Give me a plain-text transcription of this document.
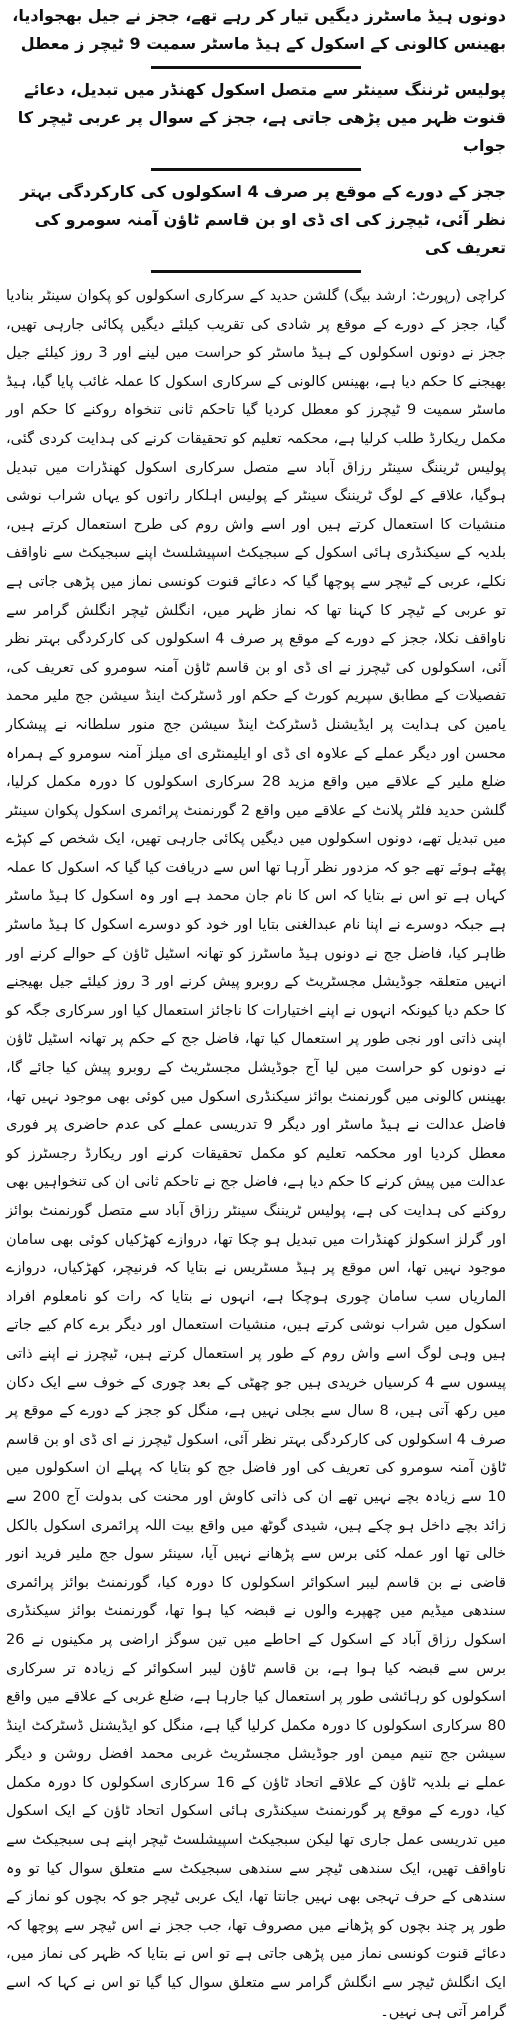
دونوں ہیڈ ماسٹرز دیگیں تیار کر رہے تھے، ججز نے جیل بھجوادیا، بھینس کالونی کے اسکول کے ہیڈ ماسٹر سمیت 9 ٹیچر ز معطل
پولیس ٹرننگ سینٹر سے متصل اسکول کھنڈر میں تبدیل، دعائے قنوت ظہر میں پڑھی جاتی ہے، ججز کے سوال پر عربی ٹیچر کا جواب
ججز کے دورے کے موقع پر صرف 4 اسکولوں کی کارکردگی بہتر نظر آئی، ٹیچرز کی ای ڈی او بن قاسم ٹاؤن آمنہ سومرو کی تعریف کی

کراچی (رپورٹ: ارشد بیگ) گلشن حدید کے سرکاری اسکولوں کو پکوان سینٹر بنادیا گیا، ججز کے دورے کے موقع پر شادی کی تقریب کیلئے دیگیں پکائی جارہی تھیں، ججز نے دونوں اسکولوں کے ہیڈ ماسٹر کو حراست میں لینے اور 3 روز کیلئے جیل بھیجنے کا حکم دیا ہے، بھینس کالونی کے سرکاری اسکول کا عملہ غائب پایا گیا، ہیڈ ماسٹر سمیت 9 ٹیچرز کو معطل کردیا گیا تاحکم ثانی تنخواہ روکنے کا حکم اور مکمل ریکارڈ طلب کرلیا ہے، محکمہ تعلیم کو تحقیقات کرنے کی ہدایت کردی گئی، پولیس ٹریننگ سینٹر رزاق آباد سے متصل سرکاری اسکول کھنڈرات میں تبدیل ہوگیا، علاقے کے لوگ ٹریننگ سینٹر کے پولیس اہلکار راتوں کو یہاں شراب نوشی منشیات کا استعمال کرتے ہیں اور اسے واش روم کی طرح استعمال کرتے ہیں، بلدیہ کے سیکنڈری ہائی اسکول کے سبجیکٹ اسپیشلسٹ اپنے سبجیکٹ سے ناواقف نکلے، عربی کے ٹیچر سے پوچھا گیا کہ دعائے قنوت کونسی نماز میں پڑھی جاتی ہے تو عربی کے ٹیچر کا کہنا تھا کہ نماز ظہر میں، انگلش ٹیچر انگلش گرامر سے ناواقف نکلا، ججز کے دورے کے موقع پر صرف 4 اسکولوں کی کارکردگی بہتر نظر آئی، اسکولوں کی ٹیچرز نے ای ڈی او بن قاسم ٹاؤن آمنہ سومرو کی تعریف کی، تفصیلات کے مطابق سپریم کورٹ کے حکم اور ڈسٹرکٹ اینڈ سیشن جج ملیر محمد یامین کی ہدایت پر ایڈیشنل ڈسٹرکٹ اینڈ سیشن جج منور سلطانہ نے پیشکار محسن اور دیگر عملے کے علاوہ ای ڈی او ایلیمنٹری ای میلز آمنہ سومرو کے ہمراہ ضلع ملیر کے علاقے میں واقع مزید 28 سرکاری اسکولوں کا دورہ مکمل کرلیا، گلشن حدید فلٹر پلانٹ کے علاقے میں واقع 2 گورنمنٹ پرائمری اسکول پکوان سینٹر میں تبدیل تھے، دونوں اسکولوں میں دیگیں پکائی جارہی تھیں، ایک شخص کے کپڑے پھٹے ہوئے تھے جو کہ مزدور نظر آرہا تھا اس سے دریافت کیا گیا کہ اسکول کا عملہ کہاں ہے تو اس نے بتایا کہ اس کا نام جان محمد ہے اور وہ اسکول کا ہیڈ ماسٹر ہے جبکہ دوسرے نے اپنا نام عبدالغنی بتایا اور خود کو دوسرے اسکول کا ہیڈ ماسٹر ظاہر کیا، فاضل جج نے دونوں ہیڈ ماسٹرز کو تھانہ اسٹیل ٹاؤن کے حوالے کرنے اور انہیں متعلقہ جوڈیشل مجسٹریٹ کے روبرو پیش کرنے اور 3 روز کیلئے جیل بھیجنے کا حکم دیا کیونکہ انہوں نے اپنے اختیارات کا ناجائز استعمال کیا اور سرکاری جگہ کو اپنی ذاتی اور نجی طور پر استعمال کیا تھا، فاضل جج کے حکم پر تھانہ اسٹیل ٹاؤن نے دونوں کو حراست میں لیا آج جوڈیشل مجسٹریٹ کے روبرو پیش کیا جائے گا، بھینس کالونی میں گورنمنٹ بوائز سیکنڈری اسکول میں کوئی بھی موجود نہیں تھا، فاضل عدالت نے ہیڈ ماسٹر اور دیگر 9 تدریسی عملے کی عدم حاضری پر فوری معطل کردیا اور محکمہ تعلیم کو مکمل تحقیقات کرنے اور ریکارڈ رجسٹرز کو عدالت میں پیش کرنے کا حکم دیا ہے، فاضل جج نے تاحکم ثانی ان کی تنخواہیں بھی روکنے کی ہدایت کی ہے، پولیس ٹریننگ سینٹر رزاق آباد سے متصل گورنمنٹ بوائز اور گرلز اسکولز کھنڈرات میں تبدیل ہو چکا تھا، دروازے کھڑکیاں کوئی بھی سامان موجود نہیں تھا، اس موقع پر ہیڈ مسٹریس نے بتایا کہ فرنیچر، کھڑکیاں، دروازے الماریاں سب سامان چوری ہوچکا ہے، انہوں نے بتایا کہ رات کو نامعلوم افراد اسکول میں شراب نوشی کرتے ہیں، منشیات استعمال اور دیگر برے کام کیے جاتے ہیں وہی لوگ اسے واش روم کے طور پر استعمال کرتے ہیں، ٹیچرز نے اپنے ذاتی پیسوں سے 4 کرسیاں خریدی ہیں جو چھٹی کے بعد چوری کے خوف سے ایک دکان میں رکھ آتی ہیں، 8 سال سے بجلی نہیں ہے، منگل کو ججز کے دورے کے موقع پر صرف 4 اسکولوں کی کارکردگی بہتر نظر آئی، اسکول ٹیچرز نے ای ڈی او بن قاسم ٹاؤن آمنہ سومرو کی تعریف کی اور فاضل جج کو بتایا کہ پہلے ان اسکولوں میں 10 سے زیادہ بچے نہیں تھے ان کی ذاتی کاوش اور محنت کی بدولت آج 200 سے زائد بچے داخل ہو چکے ہیں، شیدی گوٹھ میں واقع بیت اللہ پرائمری اسکول بالکل خالی تھا اور عملہ کئی برس سے پڑھانے نہیں آیا، سینئر سول جج ملیر فرید انور قاضی نے بن قاسم لیبر اسکوائر اسکولوں کا دورہ کیا، گورنمنٹ بوائز پرائمری سندھی میڈیم میں چھپرے والوں نے قبضہ کیا ہوا تھا، گورنمنٹ بوائز سیکنڈری اسکول رزاق آباد کے اسکول کے احاطے میں تین سوگز اراضی پر مکینوں نے 26 برس سے قبضہ کیا ہوا ہے، بن قاسم ٹاؤن لیبر اسکوائر کے زیادہ تر سرکاری اسکولوں کو رہائشی طور پر استعمال کیا جارہا ہے، ضلع غربی کے علاقے میں واقع 80 سرکاری اسکولوں کا دورہ مکمل کرلیا گیا ہے، منگل کو ایڈیشنل ڈسٹرکٹ اینڈ سیشن جج تنیم میمن اور جوڈیشل مجسٹریٹ غربی محمد افضل روشن و دیگر عملے نے بلدیہ ٹاؤن کے علاقے اتحاد ٹاؤن کے 16 سرکاری اسکولوں کا دورہ مکمل کیا، دورے کے موقع پر گورنمنٹ سیکنڈری ہائی اسکول اتحاد ٹاؤن کے ایک اسکول میں تدریسی عمل جاری تھا لیکن سبجیکٹ اسپیشلسٹ ٹیچر اپنے ہی سبجیکٹ سے ناواقف تھیں، ایک سندھی ٹیچر سے سندھی سبجیکٹ سے متعلق سوال کیا تو وہ سندھی کے حرف تہجی بھی نہیں جانتا تھا، ایک عربی ٹیچر جو کہ بچوں کو نماز کے طور پر چند بچوں کو پڑھانے میں مصروف تھا، جب ججز نے اس ٹیچر سے پوچھا کہ دعائے قنوت کونسی نماز میں پڑھی جاتی ہے تو اس نے بتایا کہ ظہر کی نماز میں، ایک انگلش ٹیچر سے انگلش گرامر سے متعلق سوال کیا گیا تو اس نے کہا کہ اسے گرامر آتی ہی نہیں۔
